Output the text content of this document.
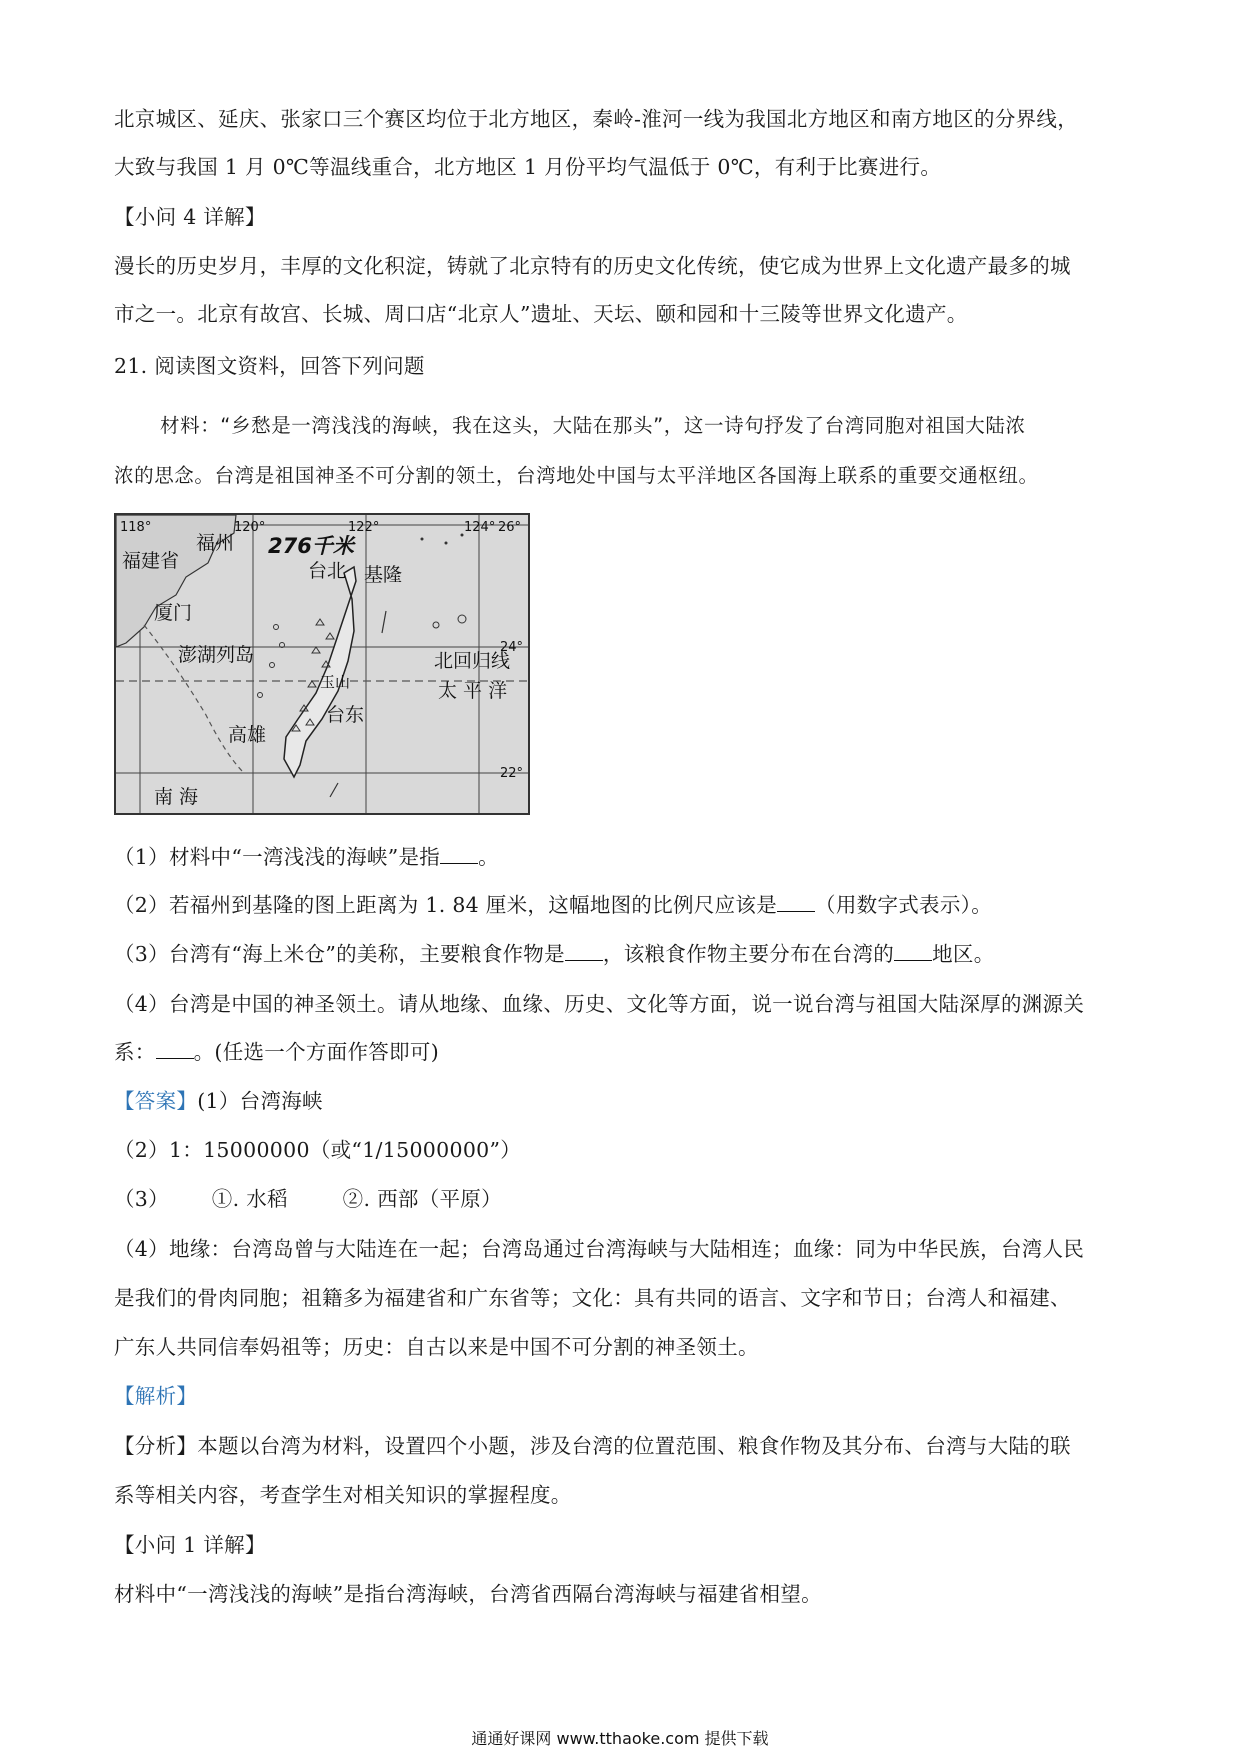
北京城区、延庆、张家口三个赛区均位于北方地区，秦岭-淮河一线为我国北方地区和南方地区的分界线，
大致与我国 1 月 0℃等温线重合，北方地区 1 月份平均气温低于 0℃，有利于比赛进行。
【小问 4 详解】
漫长的历史岁月，丰厚的文化积淀，铸就了北京特有的历史文化传统，使它成为世界上文化遗产最多的城
市之一。北京有故宫、长城、周口店“北京人”遗址、天坛、颐和园和十三陵等世界文化遗产。
21. 阅读图文资料，回答下列问题
材料：“乡愁是一湾浅浅的海峡，我在这头，大陆在那头”，这一诗句抒发了台湾同胞对祖国大陆浓
浓的思念。台湾是祖国神圣不可分割的领土，台湾地处中国与太平洋地区各国海上联系的重要交通枢纽。
118°	120°	122°	124° 26°
24°
22°
276千米
福州
福建省
厦门
台北 基隆
澎湖列岛
玉山
台东
高雄
北回归线
太 平 洋
南 海
（1）材料中“一湾浅浅的海峡”是指 。
（2）若福州到基隆的图上距离为 1. 84 厘米，这幅地图的比例尺应该是 （用数字式表示）。
（3）台湾有“海上米仓”的美称，主要粮食作物是 ，该粮食作物主要分布在台湾的 地区。
（4）台湾是中国的神圣领土。请从地缘、血缘、历史、文化等方面，说一说台湾与祖国大陆深厚的渊源关
系： 。(任选一个方面作答即可)
【答案】(1）台湾海峡
（2）1：15000000（或“1/15000000”）
（3） ①. 水稻	②. 西部（平原）
（4）地缘：台湾岛曾与大陆连在一起；台湾岛通过台湾海峡与大陆相连；血缘：同为中华民族，台湾人民
是我们的骨肉同胞；祖籍多为福建省和广东省等；文化：具有共同的语言、文字和节日；台湾人和福建、
广东人共同信奉妈祖等；历史：自古以来是中国不可分割的神圣领土。
【解析】
【分析】本题以台湾为材料，设置四个小题，涉及台湾的位置范围、粮食作物及其分布、台湾与大陆的联
系等相关内容，考查学生对相关知识的掌握程度。
【小问 1 详解】
材料中“一湾浅浅的海峡”是指台湾海峡，台湾省西隔台湾海峡与福建省相望。
通通好课网 www.tthaoke.com 提供下载
